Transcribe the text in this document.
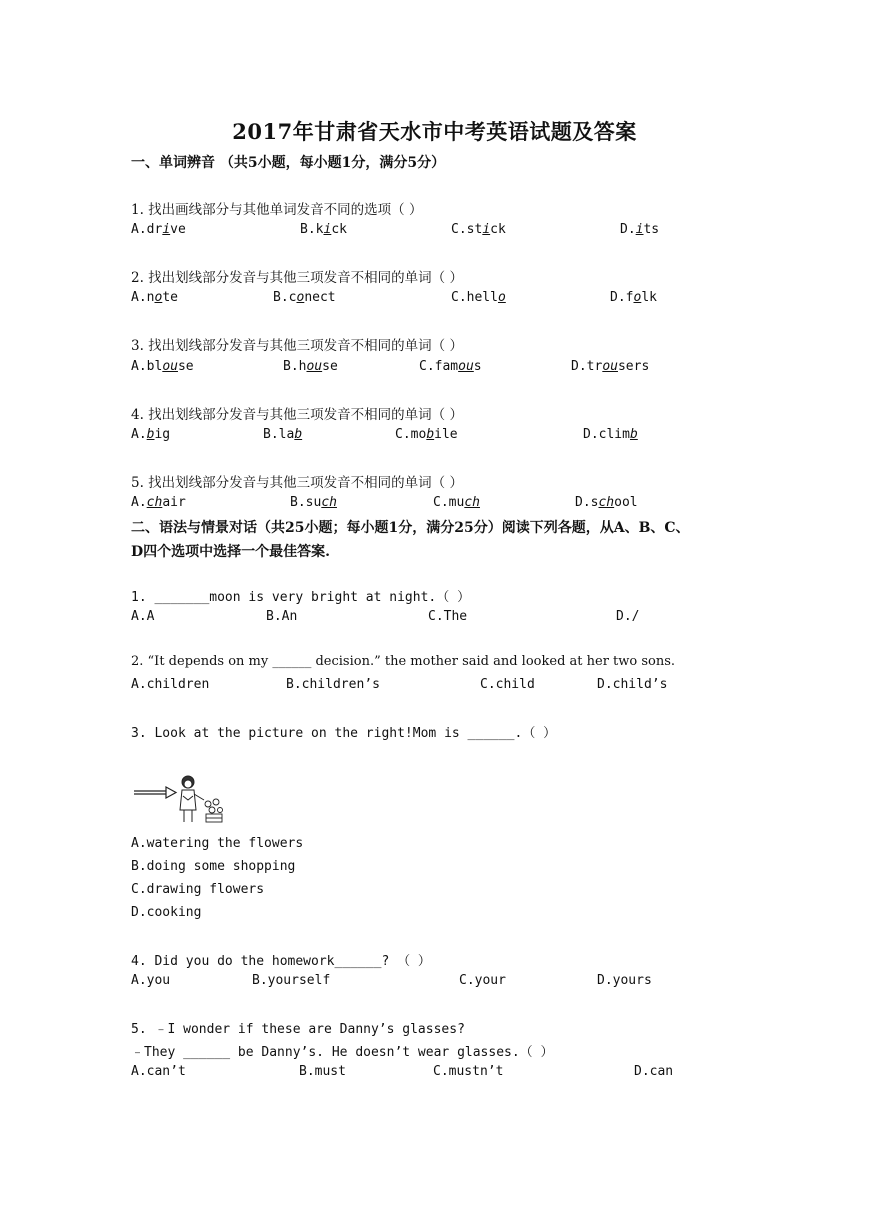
2017年甘肃省天水市中考英语试题及答案
一、单词辨音 （共5小题，每小题1分，满分5分）
1. 找出画线部分与其他单词发音不同的选项（ ）
A.drive	B.kick	C.stick	D.its
2. 找出划线部分发音与其他三项发音不相同的单词（ ）
A.note	B.conect	C.hello	D.folk
3. 找出划线部分发音与其他三项发音不相同的单词（ ）
A.blouse	B.house	C.famous	D.trousers
4. 找出划线部分发音与其他三项发音不相同的单词（ ）
A.big	B.lab	C.mobile	D.climb
5. 找出划线部分发音与其他三项发音不相同的单词（ ）
A.chair	B.such	C.much	D.school
二、语法与情景对话（共25小题；每小题1分，满分25分）阅读下列各题，从A、B、C、
D四个选项中选择一个最佳答案.
1. _______moon is very bright at night.（ ）
A.A	B.An	C.The	D./
2. “It depends on my ______ decision.” the mother said and looked at her two sons.
A.children	B.children’s	C.child	D.child’s
3. Look at the picture on the right!Mom is ______.（ ）
A.watering the flowers
B.doing some shopping
C.drawing flowers
D.cooking
4. Did you do the homework______? （ ）
A.you	B.yourself	C.your	D.yours
5. ﹣I wonder if these are Danny’s glasses?
﹣They ______ be Danny’s. He doesn’t wear glasses.（ ）
A.can’t	B.must	C.mustn’t	D.can
